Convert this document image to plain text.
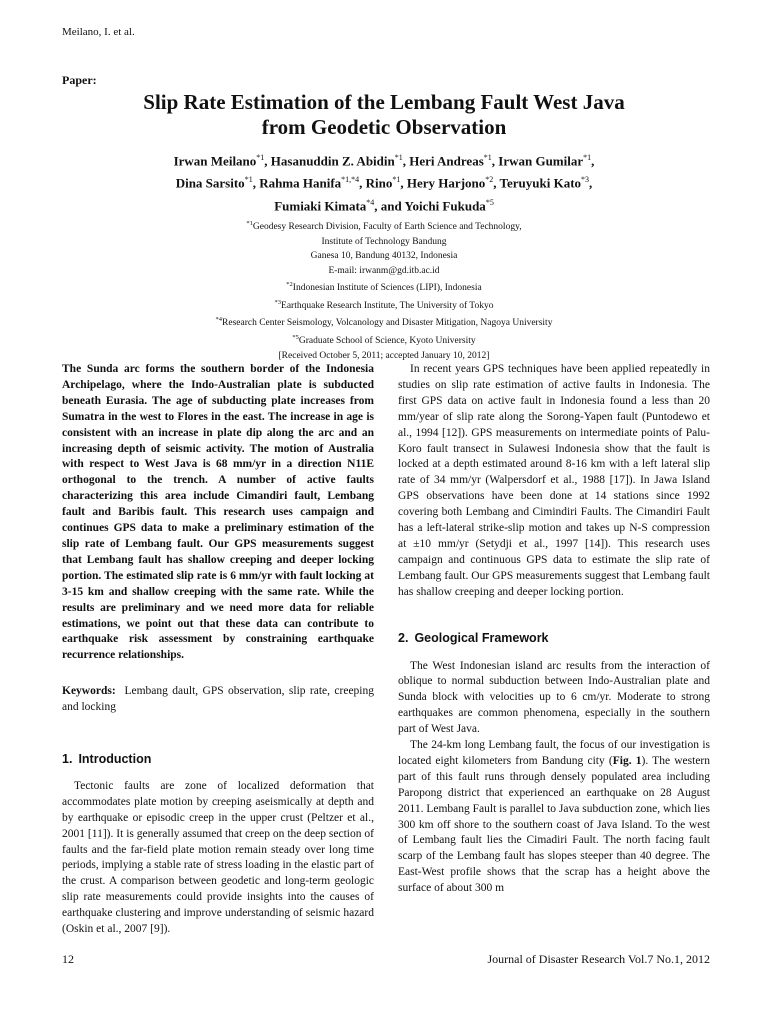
Meilano, I. et al.
Paper:
Slip Rate Estimation of the Lembang Fault West Java
from Geodetic Observation
Irwan Meilano$^{*1}$, Hasanuddin Z. Abidin$^{*1}$, Heri Andreas$^{*1}$, Irwan Gumilar$^{*1}$,
Dina Sarsito$^{*1}$, Rahma Hanifa$^{*1,*4}$, Rino$^{*1}$, Hery Harjono$^{*2}$, Teruyuki Kato$^{*3}$,
Fumiaki Kimata$^{*4}$, and Yoichi Fukuda$^{*5}$
$^{*1}$Geodesy Research Division, Faculty of Earth Science and Technology,
Institute of Technology Bandung
Ganesa 10, Bandung 40132, Indonesia
E-mail: irwanm@gd.itb.ac.id
$^{*2}$Indonesian Institute of Sciences (LIPI), Indonesia
$^{*3}$Earthquake Research Institute, The University of Tokyo
$^{*4}$Research Center Seismology, Volcanology and Disaster Mitigation, Nagoya University
$^{*5}$Graduate School of Science, Kyoto University
[Received October 5, 2011; accepted January 10, 2012]

The Sunda arc forms the southern border of the Indonesia Archipelago, where the Indo-Australian plate is subducted beneath Eurasia. The age of subducting plate increases from Sumatra in the west to Flores in the east. The increase in age is consistent with an increase in plate dip along the arc and an increasing depth of seismic activity. The motion of Australia with respect to West Java is 68 mm/yr in a direction N11E orthogonal to the trench. A number of active faults characterizing this area include Cimandiri fault, Lembang fault and Baribis fault. This research uses campaign and continues GPS data to make a preliminary estimation of the slip rate of Lembang fault. Our GPS measurements suggest that Lembang fault has shallow creeping and deeper locking portion. The estimated slip rate is 6 mm/yr with fault locking at 3-15 km and shallow creeping with the same rate. While the results are preliminary and we need more data for reliable estimations, we point out that these data can contribute to earthquake risk assessment by constraining earthquake recurrence relationships.

Keywords: Lembang dault, GPS observation, slip rate, creeping and locking

1. Introduction

Tectonic faults are zone of localized deformation that accommodates plate motion by creeping aseismically at depth and by earthquake or episodic creep in the upper crust (Peltzer et al., 2001 [11]). It is generally assumed that creep on the deep section of faults and the far-field plate motion remain steady over long time periods, implying a stable rate of stress loading in the elastic part of the crust. A comparison between geodetic and long-term geologic slip rate measurements could provide insights into the causes of earthquake clustering and improve understanding of seismic hazard (Oskin et al., 2007 [9]).

In recent years GPS techniques have been applied repeatedly in studies on slip rate estimation of active faults in Indonesia. The first GPS data on active fault in Indonesia found a less than 20 mm/year of slip rate along the Sorong-Yapen fault (Puntodewo et al., 1994 [12]). GPS measurements on intermediate points of Palu-Koro fault transect in Sulawesi Indonesia show that the fault is locked at a depth estimated around 8-16 km with a left lateral slip rate of 34 mm/yr (Walpersdorf et al., 1988 [17]). In Jawa Island GPS observations have been done at 14 stations since 1992 covering both Lembang and Cimindiri Faults. The Cimandiri Fault has a left-lateral strike-slip motion and takes up N-S compression at ±10 mm/yr (Setydji et al., 1997 [14]). This research uses campaign and continuous GPS data to estimate the slip rate of Lembang fault. Our GPS measurements suggest that Lembang fault has shallow creeping and deeper locking portion.

2. Geological Framework

The West Indonesian island arc results from the interaction of oblique to normal subduction between Indo-Australian plate and Sunda block with velocities up to 6 cm/yr. Moderate to strong earthquakes are common phenomena, especially in the southern part of West Java.

The 24-km long Lembang fault, the focus of our investigation is located eight kilometers from Bandung city (Fig. 1). The western part of this fault runs through densely populated area including Paropong district that experienced an earthquake on 28 August 2011. Lembang Fault is parallel to Java subduction zone, which lies 300 km off shore to the southern coast of Java Island. To the west of Lembang fault lies the Cimadiri Fault. The north facing fault scarp of the Lembang fault has slopes steeper than 40 degree. The East-West profile shows that the scrap has a height above the surface of about 300 m

12	Journal of Disaster Research Vol.7 No.1, 2012
